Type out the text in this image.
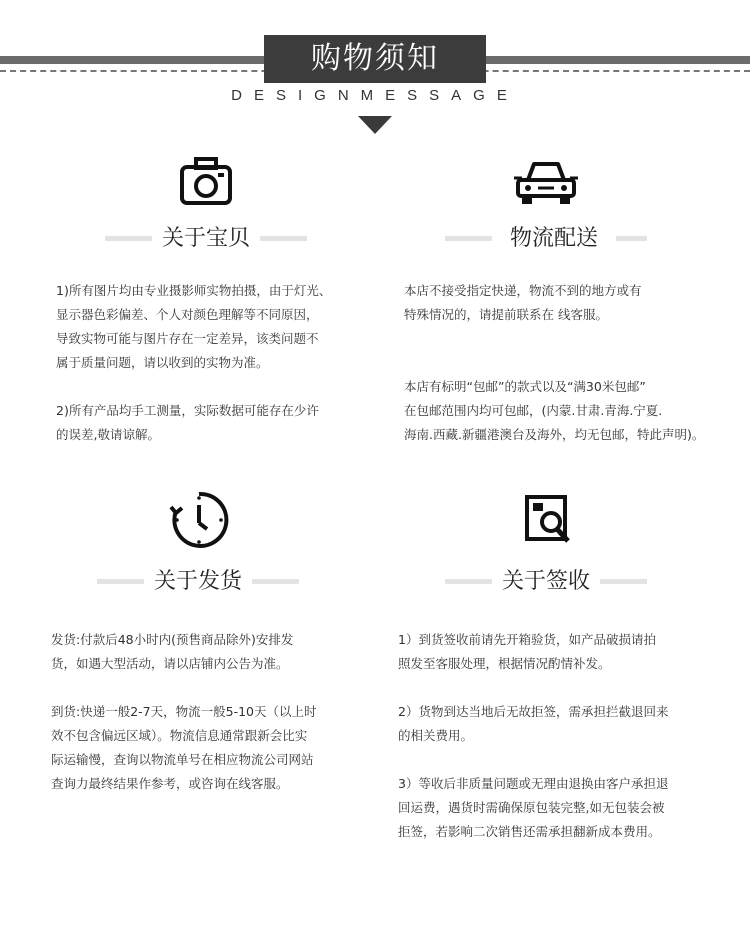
购物须知
DESIGNMESSAGE
关于宝贝

1)所有图片均由专业摄影师实物拍摄，由于灯光、

显示器色彩偏差、个人对颜色理解等不同原因，

导致实物可能与图片存在一定差异，该类问题不

属于质量问题，请以收到的实物为准。

2)所有产品均手工测量，实际数据可能存在少许

的误差,敬请谅解。

物流配送

本店不接受指定快递，物流不到的地方或有

特殊情况的，请提前联系在 线客服。

本店有标明“包邮”的款式以及“满30米包邮”

在包邮范围内均可包邮，(内蒙.甘肃.青海.宁夏.

海南.西藏.新疆港澳台及海外，均无包邮，特此声明)。

关于发货

发货:付款后48小时内(预售商品除外)安排发

货，如遇大型活动，请以店铺内公告为准。

到货:快递一般2-7天，物流一般5-10天（以上时

效不包含偏远区域）。物流信息通常跟新会比实

际运输慢，查询以物流单号在相应物流公司网站

查询力最终结果作参考，或咨询在线客服。

关于签收

1）到货签收前请先开箱验货，如产品破损请拍

照发至客服处理，根据情况酌情补发。

2）货物到达当地后无故拒签，需承担拦截退回来

的相关费用。

3）等收后非质量问题或无理由退换由客户承担退

回运费，遇货时需确保原包装完整,如无包装会被

拒签，若影响二次销售还需承担翻新成本费用。
